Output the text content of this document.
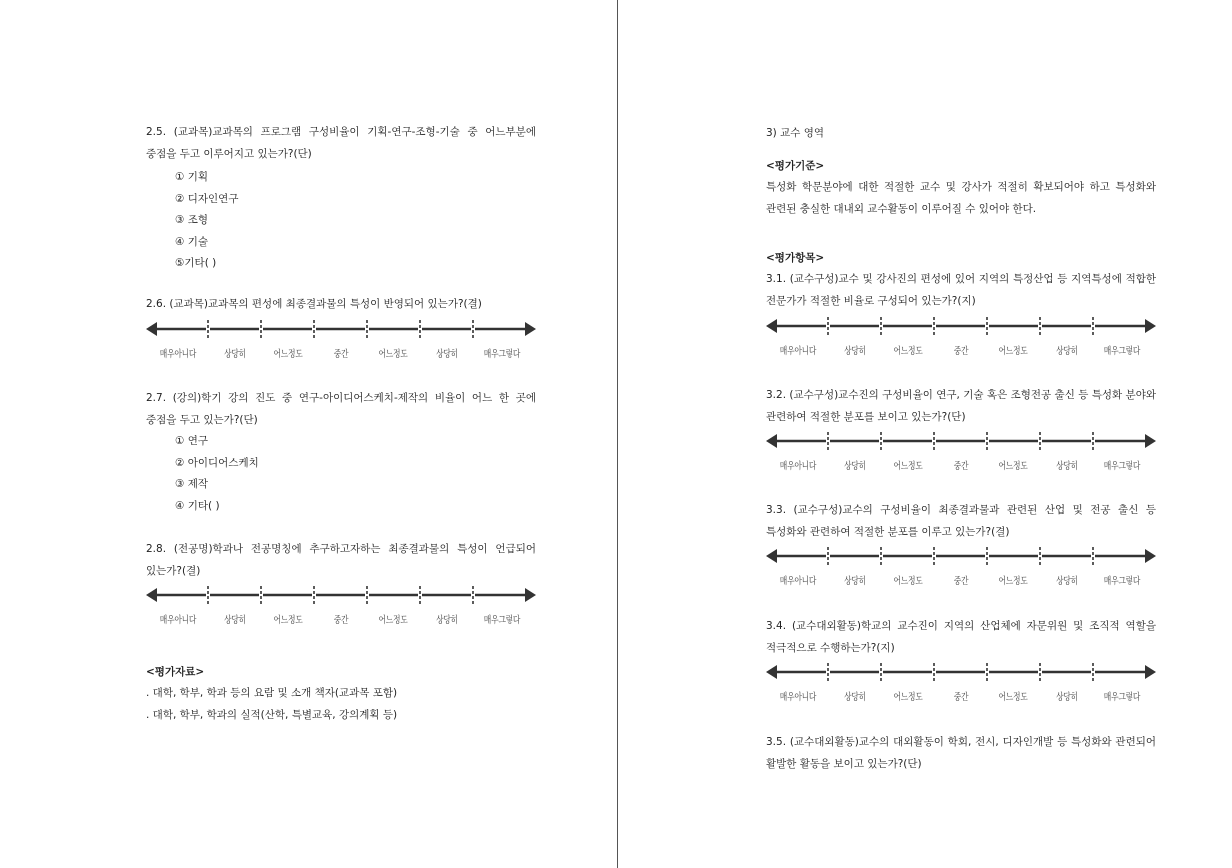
2.5. (교과목)교과목의 프로그램 구성비율이 기획-연구-조형-기술 중 어느부분에 중점을 두고 이루어지고 있는가?(단)

① 기획

② 디자인연구

③ 조형

④ 기술

⑤기타( )

2.6. (교과목)교과목의 편성에 최종결과물의 특성이 반영되어 있는가?(결)

매우아니다	상당히	어느정도	중간	어느정도	상당히	매우그렇다

2.7. (강의)학기 강의 진도 중 연구-아이디어스케치-제작의 비율이 어느 한 곳에 중점을 두고 있는가?(단)

① 연구

② 아이디어스케치

③ 제작

④ 기타( )

2.8. (전공명)학과나 전공명칭에 추구하고자하는 최종결과물의 특성이 언급되어 있는가?(결)

매우아니다	상당히	어느정도	중간	어느정도	상당히	매우그렇다

<평가자료>

. 대학, 학부, 학과 등의 요람 및 소개 책자(교과목 포함)

. 대학, 학부, 학과의 실적(산학, 특별교육, 강의계획 등)

3) 교수 영역

<평가기준>

특성화 학문분야에 대한 적절한 교수 및 강사가 적절히 확보되어야 하고 특성화와 관련된 충실한 대내외 교수활동이 이루어질 수 있어야 한다.

<평가항목>

3.1. (교수구성)교수 및 강사진의 편성에 있어 지역의 특정산업 등 지역특성에 적합한 전문가가 적절한 비율로 구성되어 있는가?(지)

매우아니다	상당히	어느정도	중간	어느정도	상당히	매우그렇다

3.2. (교수구성)교수진의 구성비율이 연구, 기술 혹은 조형전공 출신 등 특성화 분야와 관련하여 적절한 분포를 보이고 있는가?(단)

매우아니다	상당히	어느정도	중간	어느정도	상당히	매우그렇다

3.3. (교수구성)교수의 구성비율이 최종결과물과 관련된 산업 및 전공 출신 등 특성화와 관련하여 적절한 분포를 이루고 있는가?(결)

매우아니다	상당히	어느정도	중간	어느정도	상당히	매우그렇다

3.4. (교수대외활동)학교의 교수진이 지역의 산업체에 자문위원 및 조직적 역할을 적극적으로 수행하는가?(지)

매우아니다	상당히	어느정도	중간	어느정도	상당히	매우그렇다

3.5. (교수대외활동)교수의 대외활동이 학회, 전시, 디자인개발 등 특성화와 관련되어 활발한 활동을 보이고 있는가?(단)
